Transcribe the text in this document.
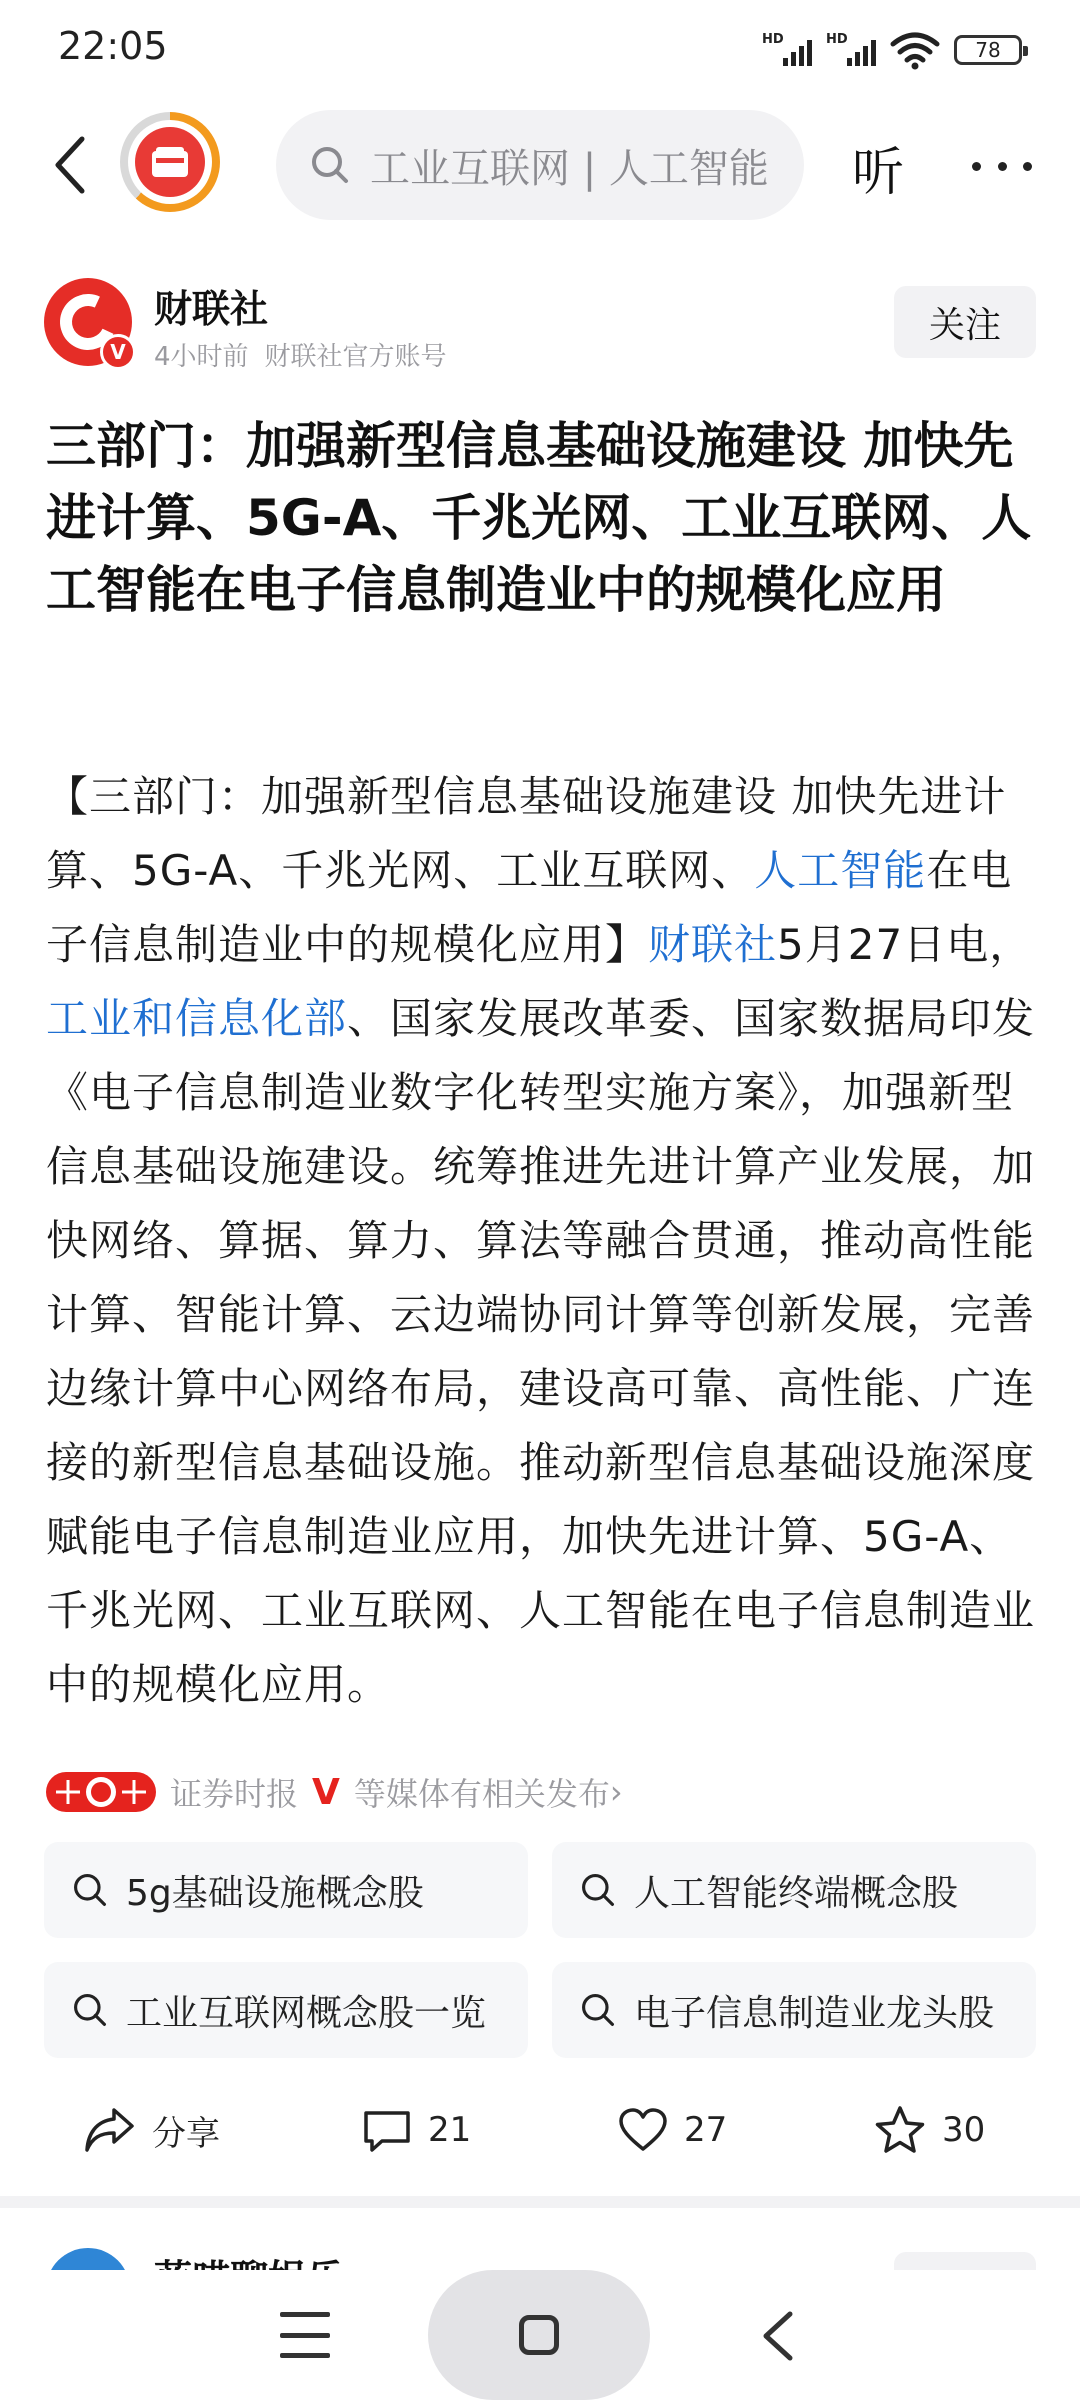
22:05	HD	HD	78
工业互联网 | 人工智能	听
V
财联社
4小时前 财联社官方账号
关注
三部门：加强新型信息基础设施建设 加快先进计算、5G-A、千兆光网、工业互联网、人工智能在电子信息制造业中的规模化应用
【三部门：加强新型信息基础设施建设 加快先进计算、5G-A、千兆光网、工业互联网、人工智能在电子信息制造业中的规模化应用】财联社5月27日电，工业和信息化部、国家发展改革委、国家数据局印发《电子信息制造业数字化转型实施方案》，加强新型信息基础设施建设。统筹推进先进计算产业发展，加快网络、算据、算力、算法等融合贯通，推动高性能计算、智能计算、云边端协同计算等创新发展，完善边缘计算中心网络布局，建设高可靠、高性能、广连接的新型信息基础设施。推动新型信息基础设施深度赋能电子信息制造业应用，加快先进计算、5G-A、千兆光网、工业互联网、人工智能在电子信息制造业中的规模化应用。
证券时报 V 等媒体有相关发布 ›
5g基础设施概念股	人工智能终端概念股
工业互联网概念股一览	电子信息制造业龙头股
分享	21	27	30
